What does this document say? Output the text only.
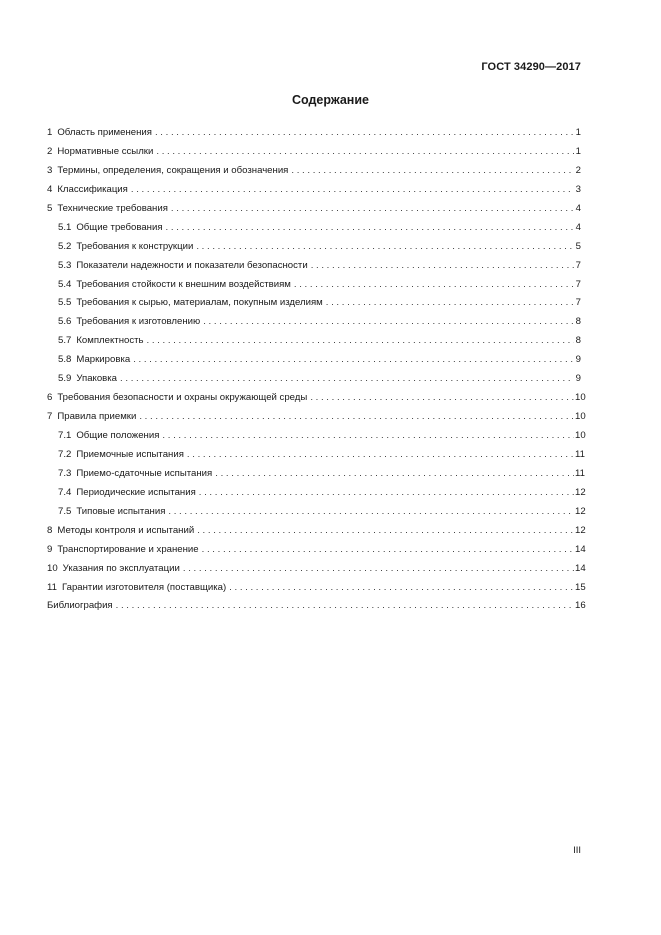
ГОСТ 34290—2017
Содержание
1 Область применения . . .	1
2 Нормативные ссылки . . .	1
3 Термины, определения, сокращения и обозначения . . .	2
4 Классификация . . .	3
5 Технические требования . . .	4
5.1 Общие требования . . .	4
5.2 Требования к конструкции . . .	5
5.3 Показатели надежности и показатели безопасности . . .	7
5.4 Требования стойкости к внешним воздействиям . . .	7
5.5 Требования к сырью, материалам, покупным изделиям . . .	7
5.6 Требования к изготовлению . . .	8
5.7 Комплектность . . .	8
5.8 Маркировка . . .	9
5.9 Упаковка . . .	9
6 Требования безопасности и охраны окружающей среды . . .	10
7 Правила приемки . . .	10
7.1 Общие положения . . .	10
7.2 Приемочные испытания . . .	11
7.3 Приемо-сдаточные испытания . . .	11
7.4 Периодические испытания . . .	12
7.5 Типовые испытания . . .	12
8 Методы контроля и испытаний . . .	12
9 Транспортирование и хранение . . .	14
10 Указания по эксплуатации . . .	14
11 Гарантии изготовителя (поставщика) . . .	15
Библиография . . .	16
III
